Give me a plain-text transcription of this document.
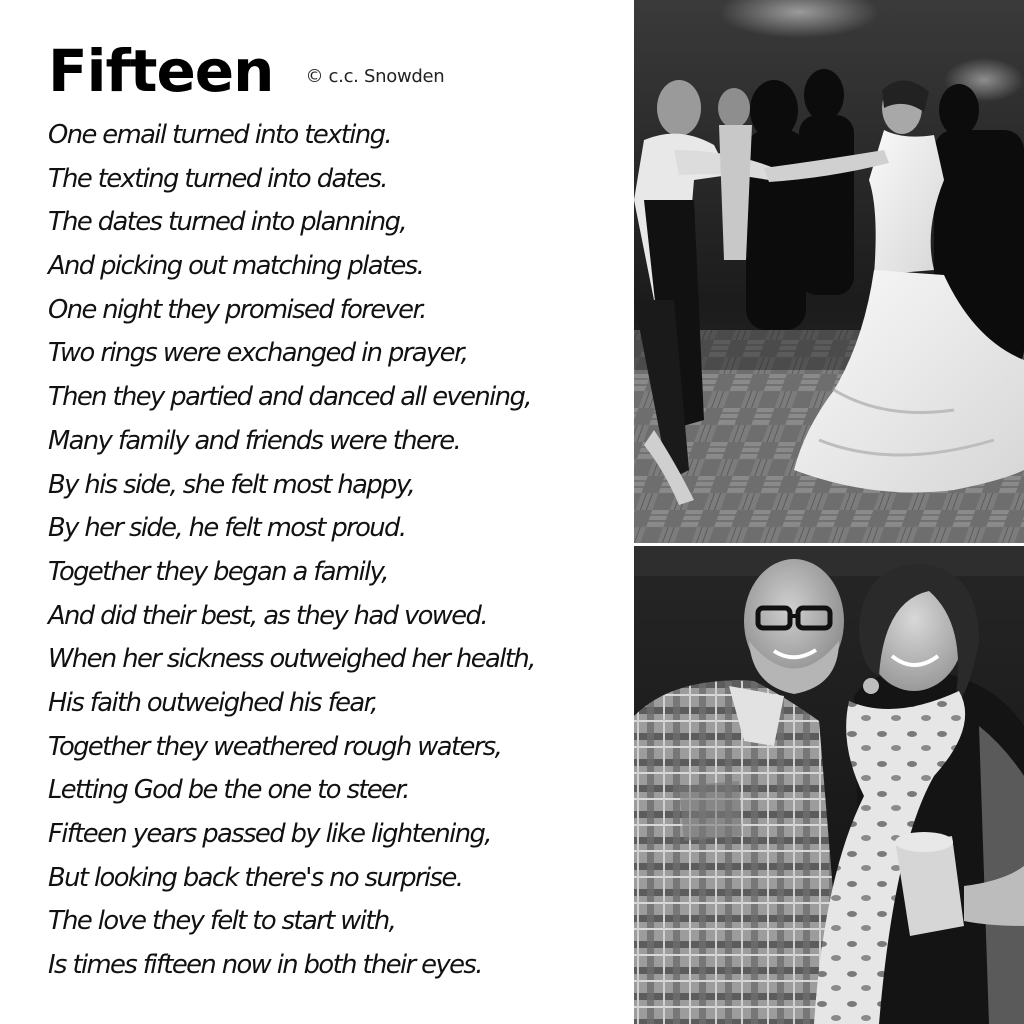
Fifteen © c.c. Snowden
One email turned into texting.
The texting turned into dates.
The dates turned into planning,
And picking out matching plates.
One night they promised forever.
Two rings were exchanged in prayer,
Then they partied and danced all evening,
Many family and friends were there.
By his side, she felt most happy,
By her side, he felt most proud.
Together they began a family,
And did their best, as they had vowed.
When her sickness outweighed her health,
His faith outweighed his fear,
Together they weathered rough waters,
Letting God be the one to steer.
Fifteen years passed by like lightening,
But looking back there's no surprise.
The love they felt to start with,
Is times fifteen now in both their eyes.
